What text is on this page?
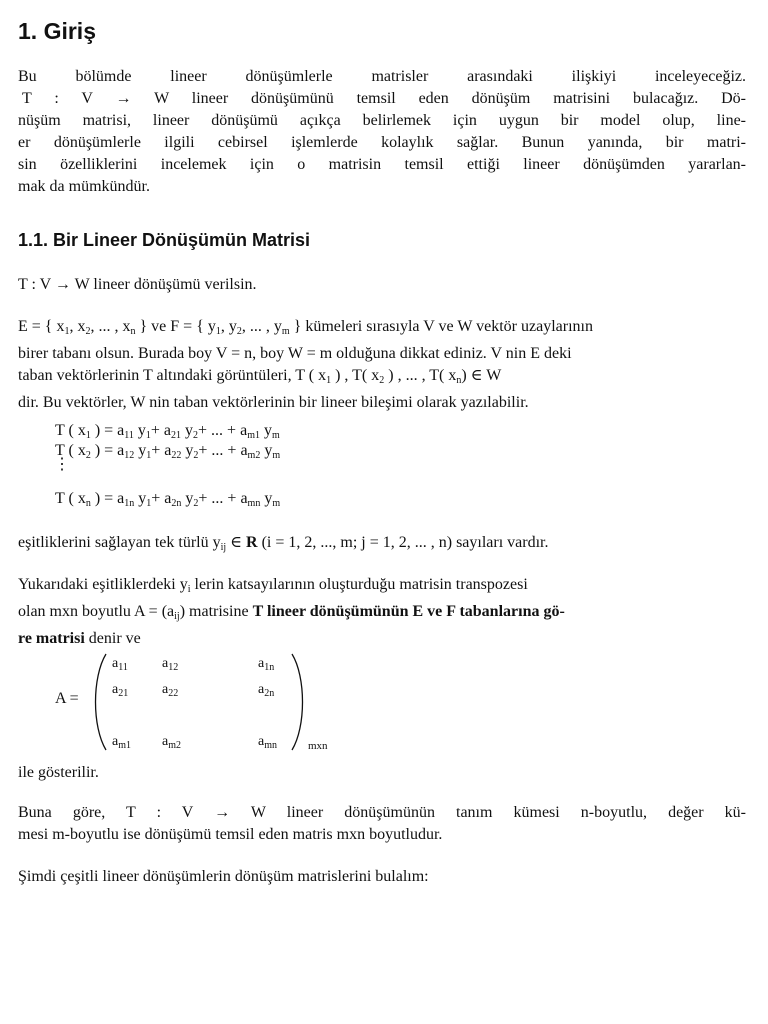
1. Giriş
Bu bölümde lineer dönüşümlerle matrisler arasındaki ilişkiyi inceleyeceğiz.
T : V → W lineer dönüşümünü temsil eden dönüşüm matrisini bulacağız. Dö-
nüşüm matrisi, lineer dönüşümü açıkça belirlemek için uygun bir model olup, line-
er dönüşümlerle ilgili cebirsel işlemlerde kolaylık sağlar. Bunun yanında, bir matri-
sin özelliklerini incelemek için o matrisin temsil ettiği lineer dönüşümden yararlan-
mak da mümkündür.
1.1. Bir Lineer Dönüşümün Matrisi

T : V → W lineer dönüşümü verilsin.

E = { $x_1$, $x_2$, ... , $x_n$ } ve F = { $y_1$, $y_2$, ... , $y_m$ } kümeleri sırasıyla V ve W vektör uzaylarının
birer tabanı olsun. Burada boy V = n, boy W = m olduğuna dikkat ediniz. V nin E deki
taban vektörlerinin T altındaki görüntüleri, T ( $x_1$ ) , T( $x_2$ ) , ... , T( $x_n$) ∈ W
dir. Bu vektörler, W nin taban vektörlerinin bir lineer bileşimi olarak yazılabilir.
T ( $x_1$ ) = $a_{11}$ $y_1+ a_{21}$ $y_2+$ ... + $a_{m1}$ $y_m$
T ( $x_2$ ) = $a_{12}$ $y_1+ a_{22}$ $y_2+$ ... + $a_{m2}$ $y_m$
⋮
T ( $x_n$ ) = $a_{1n}$ $y_1+ a_{2n}$ $y_2+$ ... + $a_{mn}$ $y_m$

eşitliklerini sağlayan tek türlü $y_{ij}$ ∈ R (i = 1, 2, ..., m; j = 1, 2, ... , n) sayıları vardır.

Yukarıdaki eşitliklerdeki $y_i$ lerin katsayılarının oluşturduğu matrisin transpozesi
olan mxn boyutlu $A = (a_{ij})$ matrisine T lineer dönüşümünün E ve F tabanlarına gö-
re matrisi denir ve
A =
$a_{11}$ $a_{12}$	$a_{1n}$
$a_{21}$ $a_{22}$	$a_{2n}$
$a_{m1}$ $a_{m2}$	$a_{mn}$	mxn

ile gösterilir.

Buna göre, T : V → W lineer dönüşümünün tanım kümesi n-boyutlu, değer kü-
mesi m-boyutlu ise dönüşümü temsil eden matris mxn boyutludur.

Şimdi çeşitli lineer dönüşümlerin dönüşüm matrislerini bulalım:
